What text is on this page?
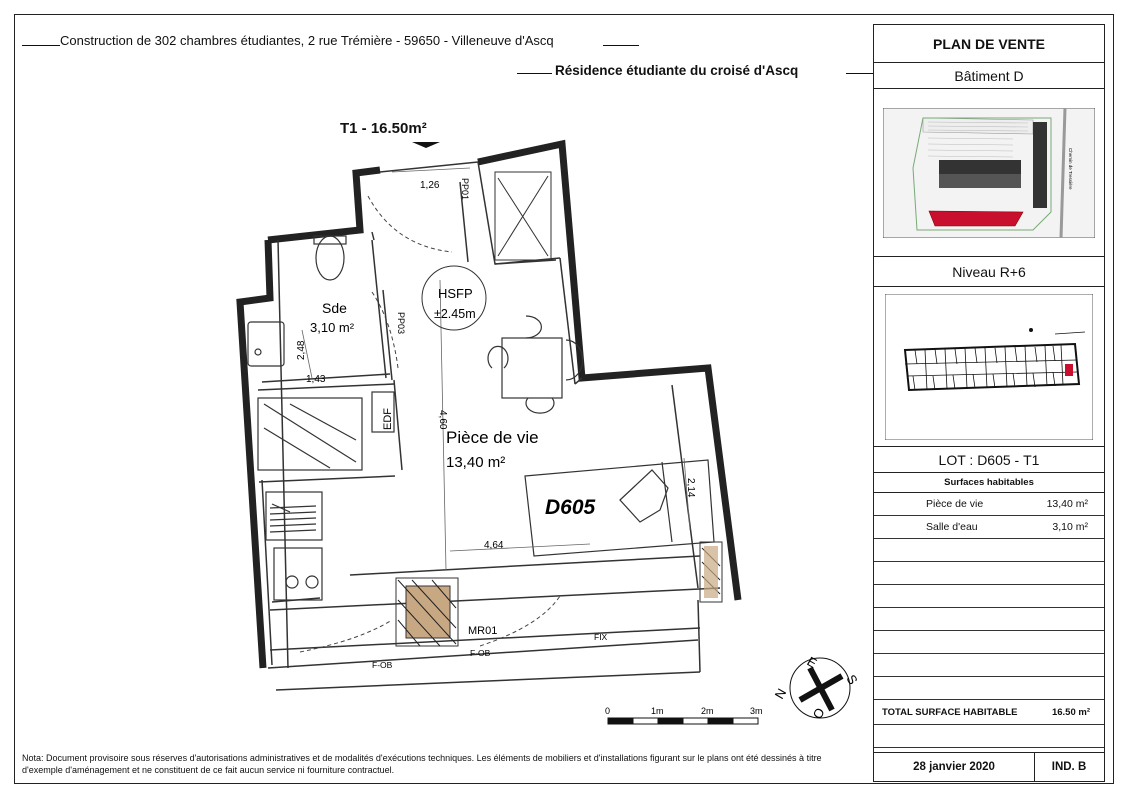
Construction de 302 chambres étudiantes, 2 rue Trémière - 59650 - Villeneuve d'Ascq
Résidence étudiante du croisé d'Ascq
T1 - 16.50m²
Sde
3,10 m²
HSFP
±2.45m
Pièce de vie
13,40 m²
D605
EDF
1,26
2,48
1,43
4,60
2,14
4,64
PP01
PP03
MR01
F-OB
F-OB
FIX
N
E
S
O
0	1m	2m	3m
PLAN DE VENTE
Bâtiment D
Chemin de Tressière
Niveau R+6
LOT : D605 - T1
Surfaces habitables
Pièce de vie	13,40 m²
Salle d'eau	3,10 m²
TOTAL SURFACE HABITABLE	16.50 m²
28 janvier 2020	IND. B
Nota: Document provisoire sous réserves d'autorisations administratives et de modalités d'exécutions techniques. Les éléments de mobiliers et d'installations figurant sur le plans ont été dessinés à titre d'exemple d'aménagement et ne constituent de ce fait aucun service ni fourniture contractuel.
